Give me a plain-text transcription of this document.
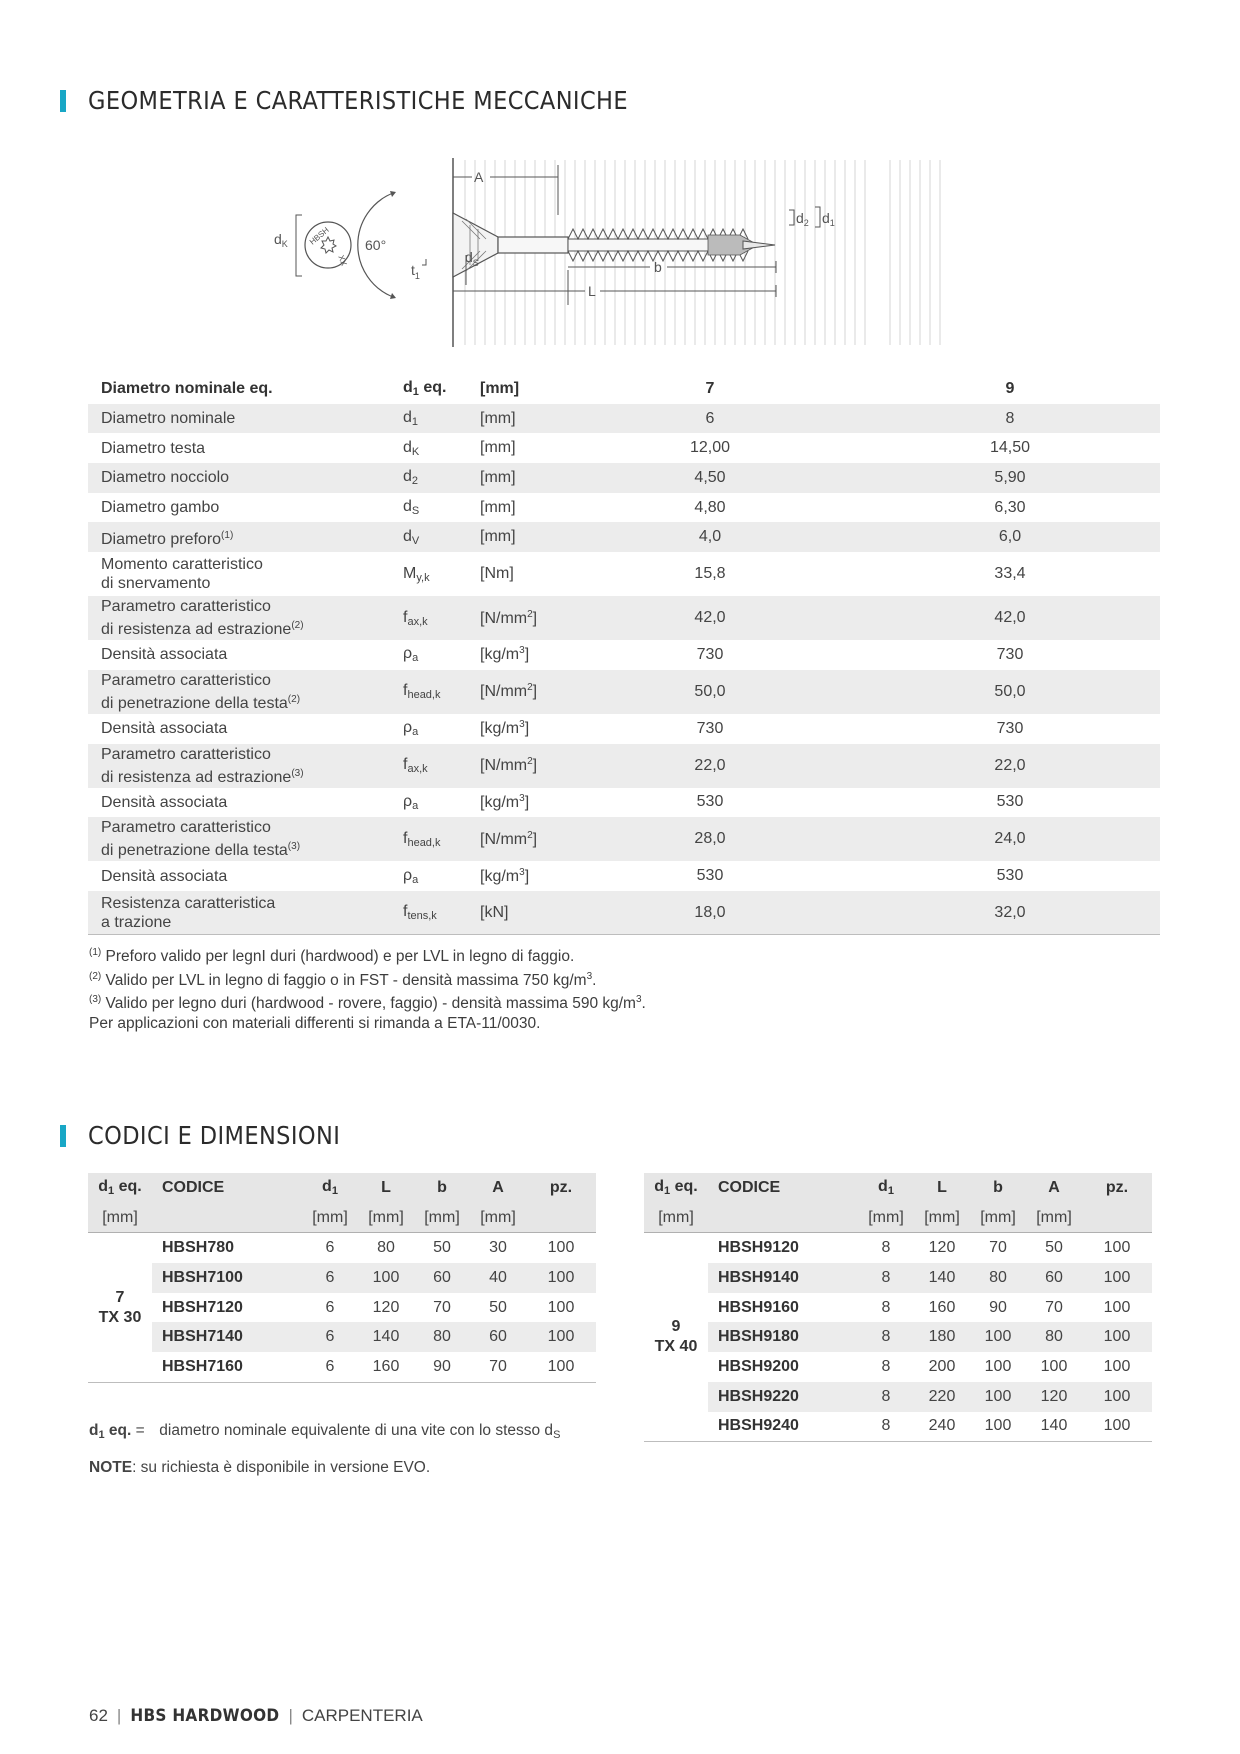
GEOMETRIA E CARATTERISTICHE MECCANICHE
$d_K$	HBSH
XX
60°
A
$d_S$
$t_1$
$d_2$ $d_1$
b
L
Diametro nominale eq.	$d_1$ eq.	[mm]	7	9
Diametro nominale	$d_1$	[mm]	6	8
Diametro testa	$d_K$	[mm]	12,00	14,50
Diametro nocciolo	$d_2$	[mm]	4,50	5,90
Diametro gambo	$d_S$	[mm]	4,80	6,30
Diametro preforo$^{(1)}$	$d_V$	[mm]	4,0	6,0
Momento caratteristico
di snervamento	$M_{y,k}$	[Nm]	15,8	33,4
Parametro caratteristico
di resistenza ad estrazione$^{(2)}$	$f_{ax,k}$	$[N/mm^2]$	42,0	42,0
Densità associata	$\rho_a$	$[kg/m^3]$	730	730
Parametro caratteristico
di penetrazione della testa$^{(2)}$	$f_{head,k}$	$[N/mm^2]$	50,0	50,0
Densità associata	$\rho_a$	$[kg/m^3]$	730	730
Parametro caratteristico
di resistenza ad estrazione$^{(3)}$	$f_{ax,k}$	$[N/mm^2]$	22,0	22,0
Densità associata	$\rho_a$	$[kg/m^3]$	530	530
Parametro caratteristico
di penetrazione della testa$^{(3)}$	$f_{head,k}$	$[N/mm^2]$	28,0	24,0
Densità associata	$\rho_a$	$[kg/m^3]$	530	530
Resistenza caratteristica
a trazione	$f_{tens,k}$	[kN]	18,0	32,0
$^{(1)}$ Preforo valido per legnI duri (hardwood) e per LVL in legno di faggio.
$^{(2)}$ Valido per LVL in legno di faggio o in FST - densità massima 750 $kg/m^3$.
$^{(3)}$ Valido per legno duri (hardwood - rovere, faggio) - densità massima 590 $kg/m^3$.
Per applicazioni con materiali differenti si rimanda a ETA-11/0030.
CODICI E DIMENSIONI
$d_1$ eq.	CODICE	$d_1$	L	b	A	pz.
[mm]		[mm]	[mm]	[mm]	[mm]	
7
TX 30	HBSH780	6	80	50	30	100
	HBSH7100	6	100	60	40	100
	HBSH7120	6	120	70	50	100
	HBSH7140	6	140	80	60	100
	HBSH7160	6	160	90	70	100
$d_1$ eq.	CODICE	$d_1$	L	b	A	pz.
[mm]		[mm]	[mm]	[mm]	[mm]	
9
TX 40	HBSH9120	8	120	70	50	100
	HBSH9140	8	140	80	60	100
	HBSH9160	8	160	90	70	100
	HBSH9180	8	180	100	80	100
	HBSH9200	8	200	100	100	100
	HBSH9220	8	220	100	120	100
	HBSH9240	8	240	100	140	100
$d_1$ eq. =  diametro nominale equivalente di una vite con lo stesso $d_S$
NOTE: su richiesta è disponibile in versione EVO.
62 | HBS HARDWOOD | CARPENTERIA
